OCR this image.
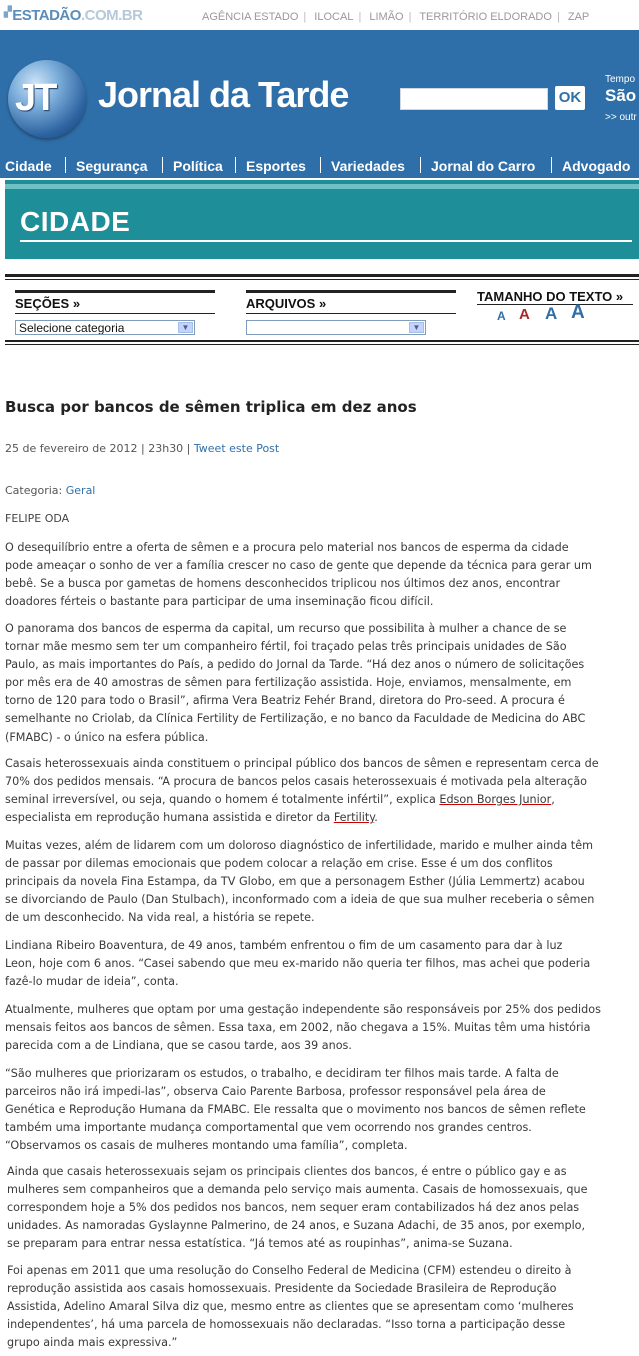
▞ESTADÃO.COM.BR	AGÊNCIA ESTADO | ILOCAL | LIMÃO | TERRITÓRIO ELDORADO | ZAP
JT Jornal da Tarde	OK
Tempo
São
>> outr
Cidade Segurança Política Esportes Variedades Jornal do Carro Advogado
CIDADE
SEÇÕES »
Selecione categoria	▼
ARQUIVOS »
▼
TAMANHO DO TEXTO »
A A A A
Busca por bancos de sêmen triplica em dez anos
25 de fevereiro de 2012 | 23h30 | Tweet este Post
Categoria: Geral
FELIPE ODA
O desequilíbrio entre a oferta de sêmen e a procura pelo material nos bancos de esperma da cidade
pode ameaçar o sonho de ver a família crescer no caso de gente que depende da técnica para gerar um
bebê. Se a busca por gametas de homens desconhecidos triplicou nos últimos dez anos, encontrar
doadores férteis o bastante para participar de uma inseminação ficou difícil.
O panorama dos bancos de esperma da capital, um recurso que possibilita à mulher a chance de se
tornar mãe mesmo sem ter um companheiro fértil, foi traçado pelas três principais unidades de São
Paulo, as mais importantes do País, a pedido do Jornal da Tarde. “Há dez anos o número de solicitações
por mês era de 40 amostras de sêmen para fertilização assistida. Hoje, enviamos, mensalmente, em
torno de 120 para todo o Brasil”, afirma Vera Beatriz Fehér Brand, diretora do Pro-seed. A procura é
semelhante no Criolab, da Clínica Fertility de Fertilização, e no banco da Faculdade de Medicina do ABC
(FMABC) - o único na esfera pública.
Casais heterossexuais ainda constituem o principal público dos bancos de sêmen e representam cerca de
70% dos pedidos mensais. “A procura de bancos pelos casais heterossexuais é motivada pela alteração
seminal irreversível, ou seja, quando o homem é totalmente infértil”, explica Edson Borges Junior,
especialista em reprodução humana assistida e diretor da Fertility.
Muitas vezes, além de lidarem com um doloroso diagnóstico de infertilidade, marido e mulher ainda têm
de passar por dilemas emocionais que podem colocar a relação em crise. Esse é um dos conflitos
principais da novela Fina Estampa, da TV Globo, em que a personagem Esther (Júlia Lemmertz) acabou
se divorciando de Paulo (Dan Stulbach), inconformado com a ideia de que sua mulher receberia o sêmen
de um desconhecido. Na vida real, a história se repete.
Lindiana Ribeiro Boaventura, de 49 anos, também enfrentou o fim de um casamento para dar à luz
Leon, hoje com 6 anos. “Casei sabendo que meu ex-marido não queria ter filhos, mas achei que poderia
fazê-lo mudar de ideia”, conta.
Atualmente, mulheres que optam por uma gestação independente são responsáveis por 25% dos pedidos
mensais feitos aos bancos de sêmen. Essa taxa, em 2002, não chegava a 15%. Muitas têm uma história
parecida com a de Lindiana, que se casou tarde, aos 39 anos.
“São mulheres que priorizaram os estudos, o trabalho, e decidiram ter filhos mais tarde. A falta de
parceiros não irá impedi-las”, observa Caio Parente Barbosa, professor responsável pela área de
Genética e Reprodução Humana da FMABC. Ele ressalta que o movimento nos bancos de sêmen reflete
também uma importante mudança comportamental que vem ocorrendo nos grandes centros.
“Observamos os casais de mulheres montando uma família”, completa.
Ainda que casais heterossexuais sejam os principais clientes dos bancos, é entre o público gay e as
mulheres sem companheiros que a demanda pelo serviço mais aumenta. Casais de homossexuais, que
correspondem hoje a 5% dos pedidos nos bancos, nem sequer eram contabilizados há dez anos pelas
unidades. As namoradas Gyslaynne Palmerino, de 24 anos, e Suzana Adachi, de 35 anos, por exemplo,
se preparam para entrar nessa estatística. “Já temos até as roupinhas”, anima-se Suzana.
Foi apenas em 2011 que uma resolução do Conselho Federal de Medicina (CFM) estendeu o direito à
reprodução assistida aos casais homossexuais. Presidente da Sociedade Brasileira de Reprodução
Assistida, Adelino Amaral Silva diz que, mesmo entre as clientes que se apresentam como ‘mulheres
independentes’, há uma parcela de homossexuais não declaradas. “Isso torna a participação desse
grupo ainda mais expressiva.”
